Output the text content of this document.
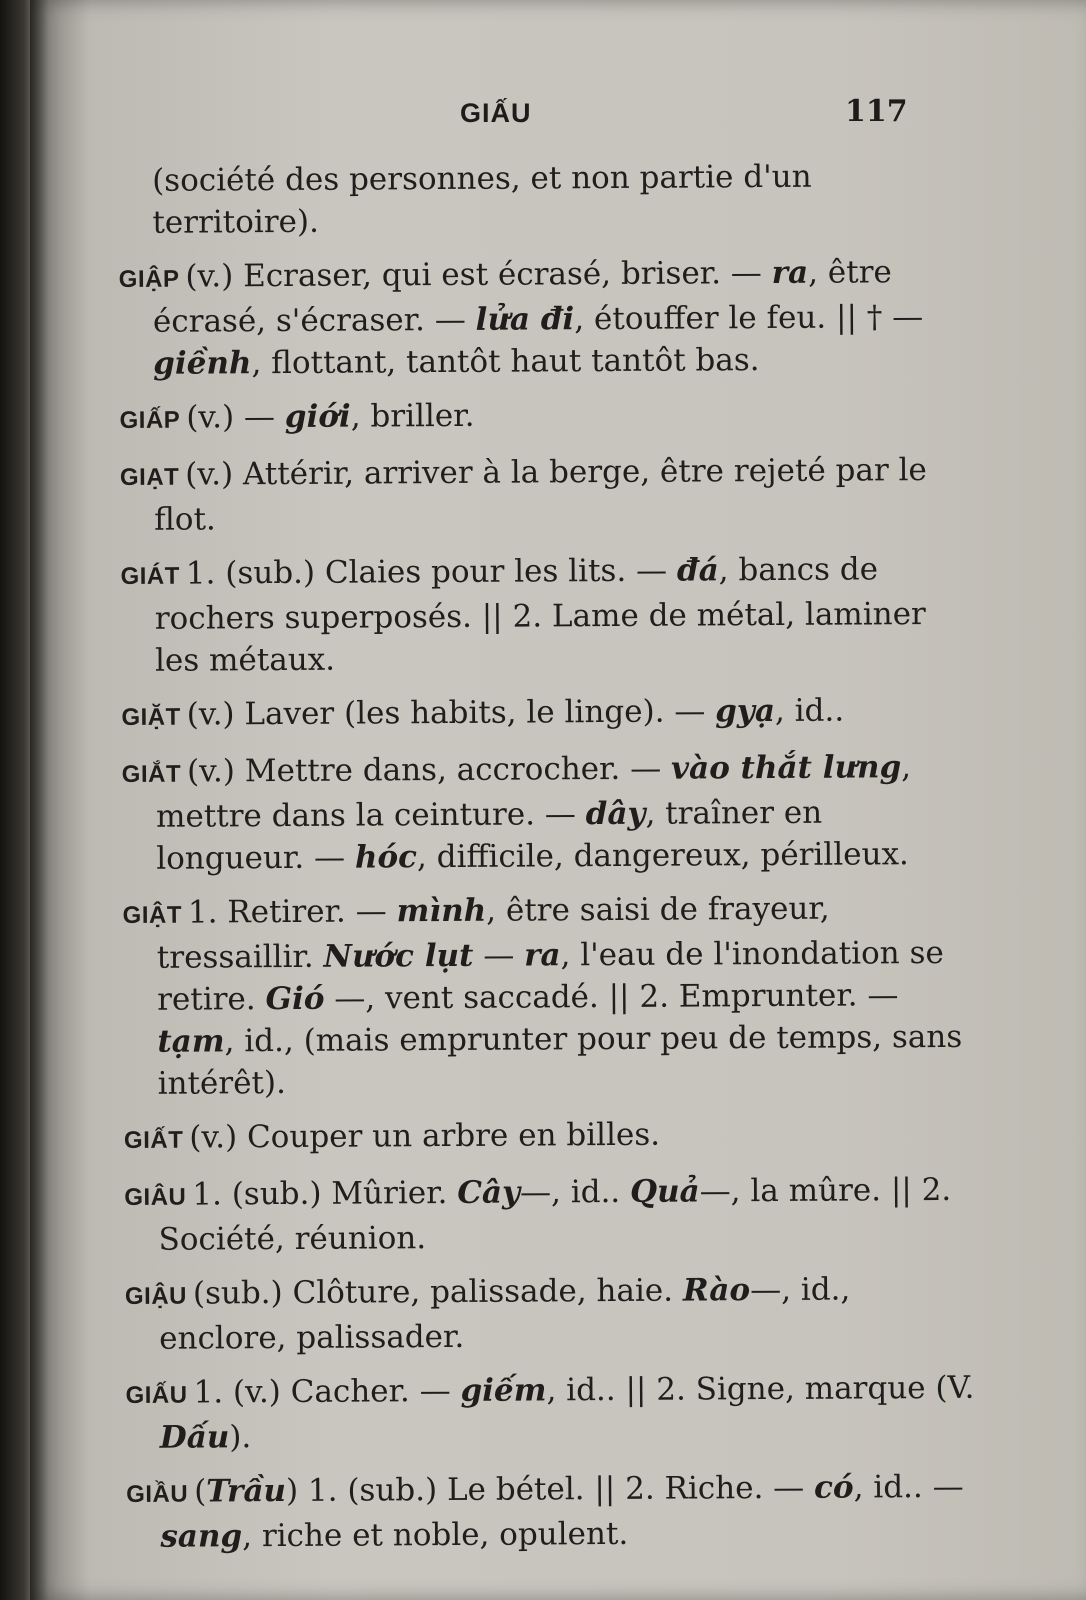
GIẤU	117
(société des personnes, et non partie d'un territoire).
GIẬP (v.) Ecraser, qui est écrasé, briser. — ra, être écrasé, s'écraser. — lửa đi, étouffer le feu. || † —giềnh, flottant, tantôt haut tantôt bas.
GIẤP (v.) — giới, briller.
GIẠT (v.) Attérir, arriver à la berge, être rejeté par le flot.
GIÁT 1. (sub.) Claies pour les lits. — đá, bancs de rochers superposés. || 2. Lame de métal, laminer les métaux.
GIẶT (v.) Laver (les habits, le linge). — gyạ, id..
GIẮT (v.) Mettre dans, accrocher. — vào thắt lưng, mettre dans la ceinture. — dây, traîner en longueur. — hóc, difficile, dangereux, périlleux.
GIẬT 1. Retirer. — mình, être saisi de frayeur, tressaillir. Nước lụt — ra, l'eau de l'inondation se retire. Gió —, vent saccadé. || 2. Emprunter. — tạm, id., (mais emprunter pour peu de temps, sans intérêt).
GIẤT (v.) Couper un arbre en billes.
GIÂU 1. (sub.) Mûrier. Cây—, id.. Quả—, la mûre. || 2. Société, réunion.
GIẬU (sub.) Clôture, palissade, haie. Rào—, id., enclore, palissader.
GIẤU 1. (v.) Cacher. — giếm, id.. || 2. Signe, marque (V. Dấu).
GIẦU (Trầu) 1. (sub.) Le bétel. || 2. Riche. — có, id.. — sang, riche et noble, opulent.
